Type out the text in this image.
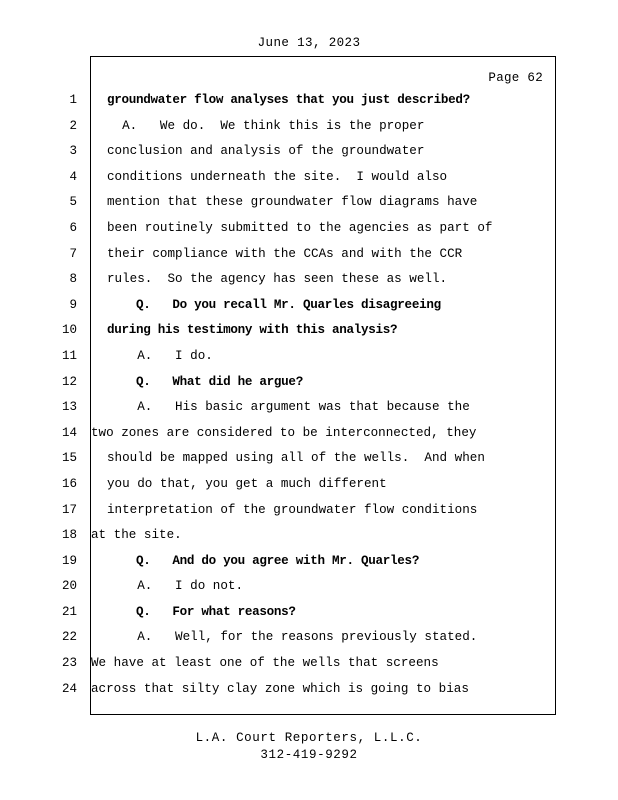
June 13, 2023
Page 62
1	groundwater flow analyses that you just described?
2	A.   We do.  We think this is the proper
3	conclusion and analysis of the groundwater
4	conditions underneath the site.  I would also
5	mention that these groundwater flow diagrams have
6	been routinely submitted to the agencies as part of
7	their compliance with the CCAs and with the CCR
8	rules.  So the agency has seen these as well.
9	Q.   Do you recall Mr. Quarles disagreeing
10	during his testimony with this analysis?
11	A.   I do.
12	Q.   What did he argue?
13	A.   His basic argument was that because the
14	two zones are considered to be interconnected, they
15	should be mapped using all of the wells.  And when
16	you do that, you get a much different
17	interpretation of the groundwater flow conditions
18	at the site.
19	Q.   And do you agree with Mr. Quarles?
20	A.   I do not.
21	Q.   For what reasons?
22	A.   Well, for the reasons previously stated.
23	We have at least one of the wells that screens
24	across that silty clay zone which is going to bias
L.A. Court Reporters, L.L.C.
312-419-9292
